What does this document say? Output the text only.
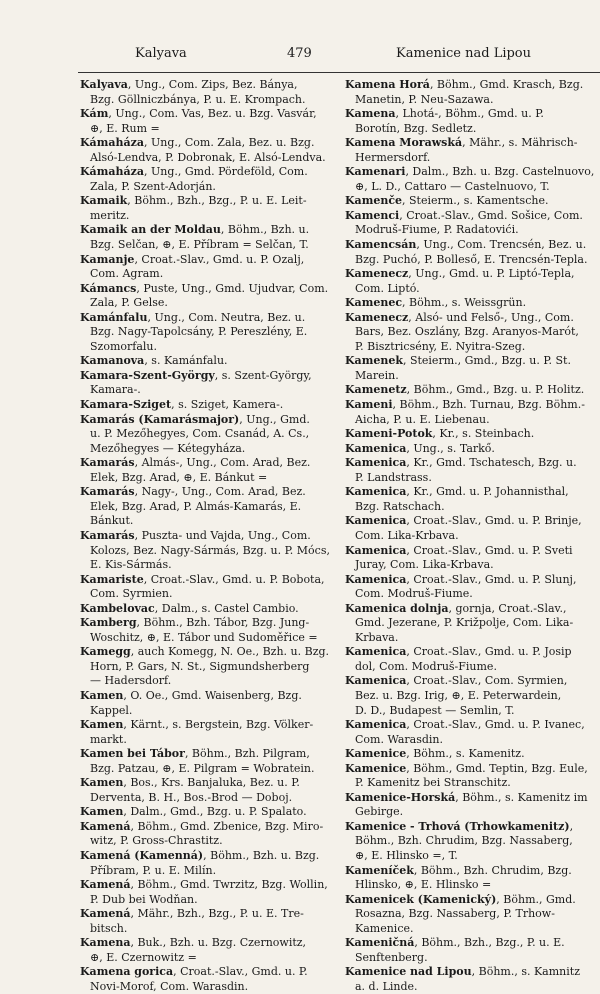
Kalyava	479	Kamenice nad Lipou
Kalyava, Ung., Com. Zips, Bez. Bánya,
Bzg. Göllniczbánya, P. u. E. Krompach.
Kám, Ung., Com. Vas, Bez. u. Bzg. Vasvár,
⊕, E. Rum =
Kámaháza, Ung., Com. Zala, Bez. u. Bzg.
Alsó-Lendva, P. Dobronak, E. Alsó-Lendva.
Kámaháza, Ung., Gmd. Pördeföld, Com.
Zala, P. Szent-Adorján.
Kamaik, Böhm., Bzh., Bzg., P. u. E. Leit-
meritz.
Kamaik an der Moldau, Böhm., Bzh. u.
Bzg. Selčan, ⊕, E. Příbram = Selčan, T.
Kamanje, Croat.-Slav., Gmd. u. P. Ozalj,
Com. Agram.
Kámancs, Puste, Ung., Gmd. Ujudvar, Com.
Zala, P. Gelse.
Kamánfalu, Ung., Com. Neutra, Bez. u.
Bzg. Nagy-Tapolcsány, P. Pereszlény, E.
Szomorfalu.
Kamanova, s. Kamánfalu.
Kamara-Szent-György, s. Szent-György,
Kamara-.
Kamara-Sziget, s. Sziget, Kamera-.
Kamarás (Kamarásmajor), Ung., Gmd.
u. P. Mezőhegyes, Com. Csanád, A. Cs.,
Mezőhegyes — Kétegyháza.
Kamarás, Almás-, Ung., Com. Arad, Bez.
Elek, Bzg. Arad, ⊕, E. Bánkut =
Kamarás, Nagy-, Ung., Com. Arad, Bez.
Elek, Bzg. Arad, P. Almás-Kamarás, E.
Bánkut.
Kamarás, Puszta- und Vajda, Ung., Com.
Kolozs, Bez. Nagy-Sármás, Bzg. u. P. Mócs,
E. Kis-Sármás.
Kamariste, Croat.-Slav., Gmd. u. P. Bobota,
Com. Syrmien.
Kambelovac, Dalm., s. Castel Cambio.
Kamberg, Böhm., Bzh. Tábor, Bzg. Jung-
Woschitz, ⊕, E. Tábor und Sudoměřice =
Kamegg, auch Komegg, N. Oe., Bzh. u. Bzg.
Horn, P. Gars, N. St., Sigmundsherberg
— Hadersdorf.
Kamen, O. Oe., Gmd. Waisenberg, Bzg.
Kappel.
Kamen, Kärnt., s. Bergstein, Bzg. Völker-
markt.
Kamen bei Tábor, Böhm., Bzh. Pilgram,
Bzg. Patzau, ⊕, E. Pilgram = Wobratein.
Kamen, Bos., Krs. Banjaluka, Bez. u. P.
Derventa, B. H., Bos.-Brod — Doboj.
Kamen, Dalm., Gmd., Bzg. u. P. Spalato.
Kamená, Böhm., Gmd. Zbenice, Bzg. Miro-
witz, P. Gross-Chrastitz.
Kamená (Kamenná), Böhm., Bzh. u. Bzg.
Příbram, P. u. E. Milín.
Kamená, Böhm., Gmd. Twrzitz, Bzg. Wollin,
P. Dub bei Wodňan.
Kamená, Mähr., Bzh., Bzg., P. u. E. Tre-
bitsch.
Kamena, Buk., Bzh. u. Bzg. Czernowitz,
⊕, E. Czernowitz =
Kamena gorica, Croat.-Slav., Gmd. u. P.
Novi-Morof, Com. Warasdin.
Kamena Horá, Böhm., Gmd. Krasch, Bzg.
Manetin, P. Neu-Sazawa.
Kamena, Lhotá-, Böhm., Gmd. u. P.
Borotín, Bzg. Sedletz.
Kamena Morawská, Mähr., s. Mährisch-
Hermersdorf.
Kamenari, Dalm., Bzh. u. Bzg. Castelnuovo,
⊕, L. D., Cattaro — Castelnuovo, T.
Kamenče, Steierm., s. Kamentsche.
Kamenci, Croat.-Slav., Gmd. Sošice, Com.
Modruš-Fiume, P. Radatovići.
Kamencsán, Ung., Com. Trencsén, Bez. u.
Bzg. Puchó, P. Bolleső, E. Trencsén-Tepla.
Kamenecz, Ung., Gmd. u. P. Liptó-Tepla,
Com. Liptó.
Kamenec, Böhm., s. Weissgrün.
Kamenecz, Alsó- und Felső-, Ung., Com.
Bars, Bez. Oszlány, Bzg. Aranyos-Marót,
P. Bisztricsény, E. Nyitra-Szeg.
Kamenek, Steierm., Gmd., Bzg. u. P. St.
Marein.
Kamenetz, Böhm., Gmd., Bzg. u. P. Holitz.
Kameni, Böhm., Bzh. Turnau, Bzg. Böhm.-
Aicha, P. u. E. Liebenau.
Kameni-Potok, Kr., s. Steinbach.
Kamenica, Ung., s. Tarkő.
Kamenica, Kr., Gmd. Tschatesch, Bzg. u.
P. Landstrass.
Kamenica, Kr., Gmd. u. P. Johannisthal,
Bzg. Ratschach.
Kamenica, Croat.-Slav., Gmd. u. P. Brinje,
Com. Lika-Krbava.
Kamenica, Croat.-Slav., Gmd. u. P. Sveti
Juray, Com. Lika-Krbava.
Kamenica, Croat.-Slav., Gmd. u. P. Slunj,
Com. Modruš-Fiume.
Kamenica dolnja, gornja, Croat.-Slav.,
Gmd. Jezerane, P. Križpolje, Com. Lika-
Krbava.
Kamenica, Croat.-Slav., Gmd. u. P. Josip
dol, Com. Modruš-Fiume.
Kamenica, Croat.-Slav., Com. Syrmien,
Bez. u. Bzg. Irig, ⊕, E. Peterwardein,
D. D., Budapest — Semlin, T.
Kamenica, Croat.-Slav., Gmd. u. P. Ivanec,
Com. Warasdin.
Kamenice, Böhm., s. Kamenitz.
Kamenice, Böhm., Gmd. Teptin, Bzg. Eule,
P. Kamenitz bei Stranschitz.
Kamenice-Horská, Böhm., s. Kamenitz im
Gebirge.
Kamenice - Trhová (Trhowkamenitz),
Böhm., Bzh. Chrudim, Bzg. Nassaberg,
⊕, E. Hlinsko =, T.
Kameníček, Böhm., Bzh. Chrudim, Bzg.
Hlinsko, ⊕, E. Hlinsko =
Kamenicek (Kamenický), Böhm., Gmd.
Rosazna, Bzg. Nassaberg, P. Trhow-
Kamenice.
Kameničná, Böhm., Bzh., Bzg., P. u. E.
Senftenberg.
Kamenice nad Lipou, Böhm., s. Kamnitz
a. d. Linde.
